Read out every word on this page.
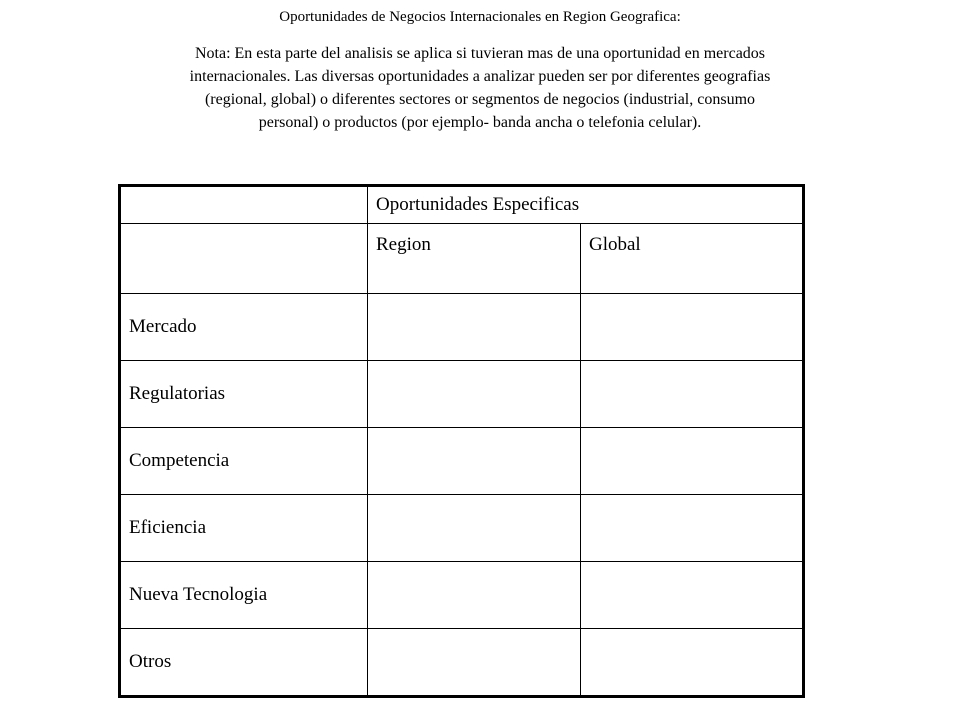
Oportunidades de Negocios Internacionales en Region Geografica:
Nota: En esta parte del analisis se aplica si tuvieran mas de una oportunidad en mercados
internacionales. Las diversas oportunidades a analizar pueden ser por diferentes geografias
(regional, global) o diferentes sectores or segmentos de negocios (industrial, consumo
personal) o productos (por ejemplo- banda ancha o telefonia celular).
	Oportunidades Especificas	
	Region	Global
Mercado		
Regulatorias		
Competencia		
Eficiencia		
Nueva Tecnologia		
Otros		
